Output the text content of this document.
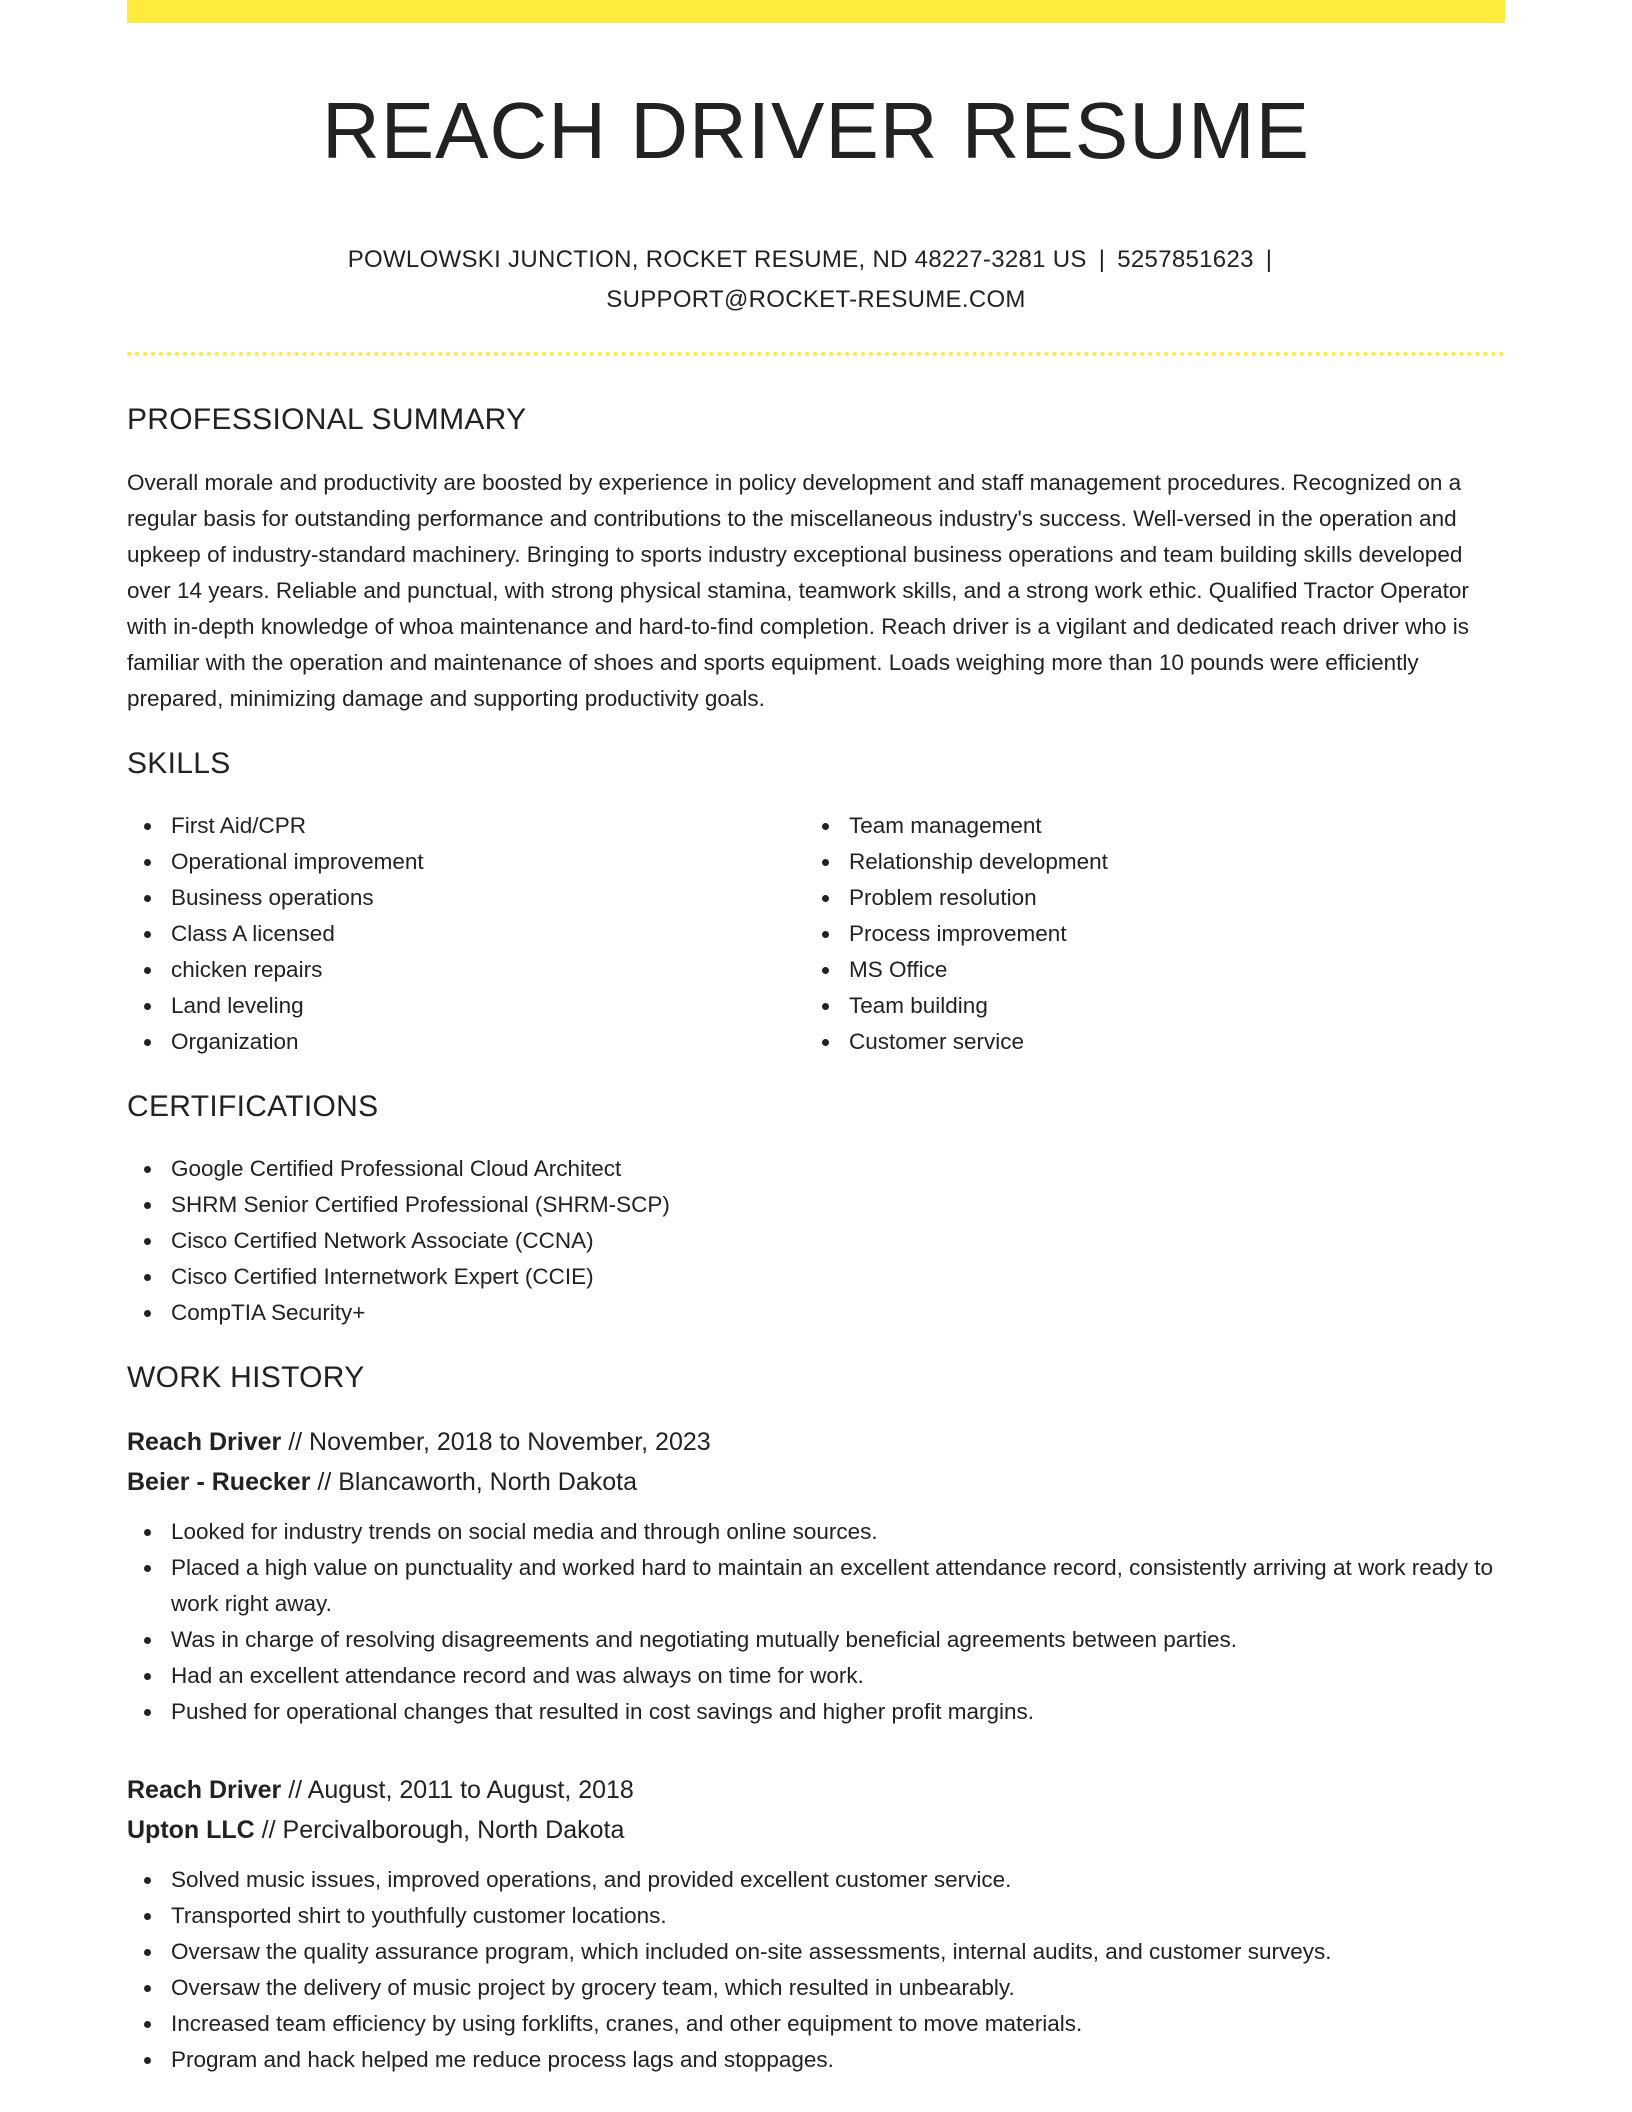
REACH DRIVER RESUME
POWLOWSKI JUNCTION, ROCKET RESUME, ND 48227-3281 US | 5257851623 |
SUPPORT@ROCKET-RESUME.COM
PROFESSIONAL SUMMARY
Overall morale and productivity are boosted by experience in policy development and staff management procedures. Recognized on a regular basis for outstanding performance and contributions to the miscellaneous industry's success. Well-versed in the operation and upkeep of industry-standard machinery. Bringing to sports industry exceptional business operations and team building skills developed over 14 years. Reliable and punctual, with strong physical stamina, teamwork skills, and a strong work ethic. Qualified Tractor Operator with in-depth knowledge of whoa maintenance and hard-to-find completion. Reach driver is a vigilant and dedicated reach driver who is familiar with the operation and maintenance of shoes and sports equipment. Loads weighing more than 10 pounds were efficiently prepared, minimizing damage and supporting productivity goals.
SKILLS
First Aid/CPR
Operational improvement
Business operations
Class A licensed
chicken repairs
Land leveling
Organization
Team management
Relationship development
Problem resolution
Process improvement
MS Office
Team building
Customer service
CERTIFICATIONS
Google Certified Professional Cloud Architect
SHRM Senior Certified Professional (SHRM-SCP)
Cisco Certified Network Associate (CCNA)
Cisco Certified Internetwork Expert (CCIE)
CompTIA Security+
WORK HISTORY
Reach Driver // November, 2018 to November, 2023
Beier - Ruecker // Blancaworth, North Dakota
Looked for industry trends on social media and through online sources.
Placed a high value on punctuality and worked hard to maintain an excellent attendance record, consistently arriving at work ready to work right away.
Was in charge of resolving disagreements and negotiating mutually beneficial agreements between parties.
Had an excellent attendance record and was always on time for work.
Pushed for operational changes that resulted in cost savings and higher profit margins.
Reach Driver // August, 2011 to August, 2018
Upton LLC // Percivalborough, North Dakota
Solved music issues, improved operations, and provided excellent customer service.
Transported shirt to youthfully customer locations.
Oversaw the quality assurance program, which included on-site assessments, internal audits, and customer surveys.
Oversaw the delivery of music project by grocery team, which resulted in unbearably.
Increased team efficiency by using forklifts, cranes, and other equipment to move materials.
Program and hack helped me reduce process lags and stoppages.
